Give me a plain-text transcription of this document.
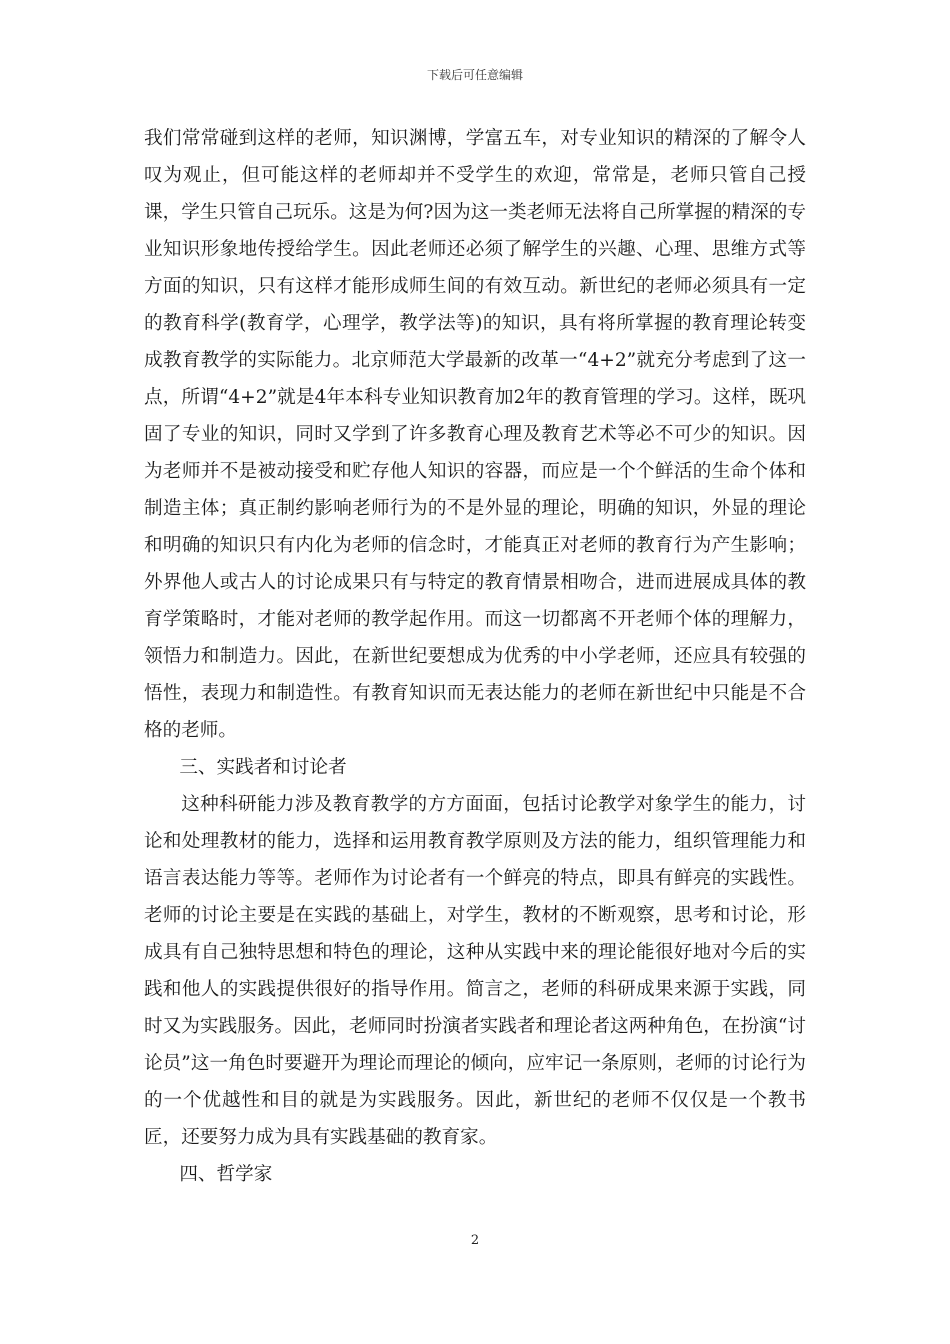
下载后可任意编辑

我们常常碰到这样的老师，知识渊博，学富五车，对专业知识的精深的了解令人叹为观止，但可能这样的老师却并不受学生的欢迎，常常是，老师只管自己授课，学生只管自己玩乐。这是为何?因为这一类老师无法将自己所掌握的精深的专业知识形象地传授给学生。因此老师还必须了解学生的兴趣、心理、思维方式等方面的知识，只有这样才能形成师生间的有效互动。新世纪的老师必须具有一定的教育科学(教育学，心理学，教学法等)的知识，具有将所掌握的教育理论转变成教育教学的实际能力。北京师范大学最新的改革一“4+2”就充分考虑到了这一点，所谓“4+2”就是4年本科专业知识教育加2年的教育管理的学习。这样，既巩固了专业的知识，同时又学到了许多教育心理及教育艺术等必不可少的知识。因为老师并不是被动接受和贮存他人知识的容器，而应是一个个鲜活的生命个体和制造主体；真正制约影响老师行为的不是外显的理论，明确的知识，外显的理论和明确的知识只有内化为老师的信念时，才能真正对老师的教育行为产生影响；外界他人或古人的讨论成果只有与特定的教育情景相吻合，进而进展成具体的教育学策略时，才能对老师的教学起作用。而这一切都离不开老师个体的理解力，领悟力和制造力。因此，在新世纪要想成为优秀的中小学老师，还应具有较强的悟性，表现力和制造性。有教育知识而无表达能力的老师在新世纪中只能是不合格的老师。

三、实践者和讨论者

这种科研能力涉及教育教学的方方面面，包括讨论教学对象学生的能力，讨论和处理教材的能力，选择和运用教育教学原则及方法的能力，组织管理能力和语言表达能力等等。老师作为讨论者有一个鲜亮的特点，即具有鲜亮的实践性。老师的讨论主要是在实践的基础上，对学生，教材的不断观察，思考和讨论，形成具有自己独特思想和特色的理论，这种从实践中来的理论能很好地对今后的实践和他人的实践提供很好的指导作用。简言之，老师的科研成果来源于实践，同时又为实践服务。因此，老师同时扮演者实践者和理论者这两种角色，在扮演“讨论员”这一角色时要避开为理论而理论的倾向，应牢记一条原则，老师的讨论行为的一个优越性和目的就是为实践服务。因此，新世纪的老师不仅仅是一个教书匠，还要努力成为具有实践基础的教育家。

四、哲学家

2
